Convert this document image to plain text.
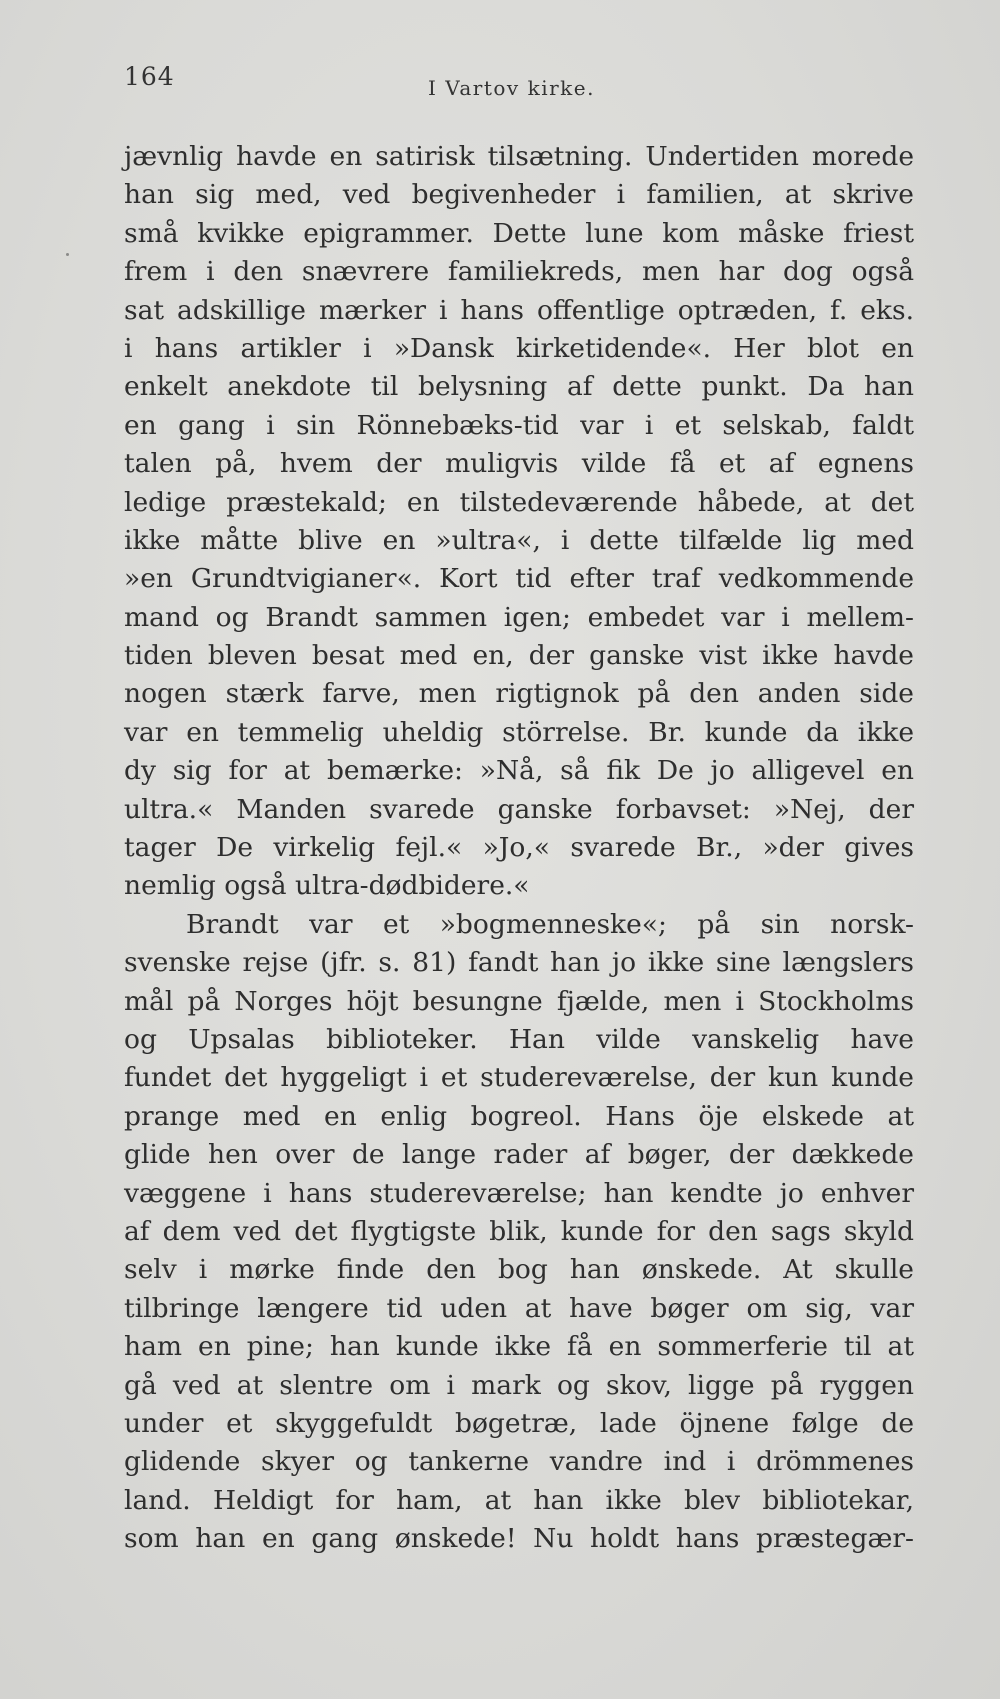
164	I Vartov kirke.
jævnlig havde en satirisk tilsætning. Undertiden morede
han sig med, ved begivenheder i familien, at skrive
små kvikke epigrammer. Dette lune kom måske friest
frem i den snævrere familiekreds, men har dog også
sat adskillige mærker i hans offentlige optræden, f. eks.
i hans artikler i »Dansk kirketidende«. Her blot en
enkelt anekdote til belysning af dette punkt. Da han
en gang i sin Rönnebæks-tid var i et selskab, faldt
talen på, hvem der muligvis vilde få et af egnens
ledige præstekald; en tilstedeværende håbede, at det
ikke måtte blive en »ultra«, i dette tilfælde lig med
»en Grundtvigianer«. Kort tid efter traf vedkommende
mand og Brandt sammen igen; embedet var i mellem-
tiden bleven besat med en, der ganske vist ikke havde
nogen stærk farve, men rigtignok på den anden side
var en temmelig uheldig störrelse. Br. kunde da ikke
dy sig for at bemærke: »Nå, så fik De jo alligevel en
ultra.« Manden svarede ganske forbavset: »Nej, der
tager De virkelig fejl.« »Jo,« svarede Br., »der gives
nemlig også ultra-dødbidere.«
Brandt var et »bogmenneske«; på sin norsk-
svenske rejse (jfr. s. 81) fandt han jo ikke sine længslers
mål på Norges höjt besungne fjælde, men i Stockholms
og Upsalas biblioteker. Han vilde vanskelig have
fundet det hyggeligt i et studereværelse, der kun kunde
prange med en enlig bogreol. Hans öje elskede at
glide hen over de lange rader af bøger, der dækkede
væggene i hans studereværelse; han kendte jo enhver
af dem ved det flygtigste blik, kunde for den sags skyld
selv i mørke finde den bog han ønskede. At skulle
tilbringe længere tid uden at have bøger om sig, var
ham en pine; han kunde ikke få en sommerferie til at
gå ved at slentre om i mark og skov, ligge på ryggen
under et skyggefuldt bøgetræ, lade öjnene følge de
glidende skyer og tankerne vandre ind i drömmenes
land. Heldigt for ham, at han ikke blev bibliotekar,
som han en gang ønskede! Nu holdt hans præstegær-
